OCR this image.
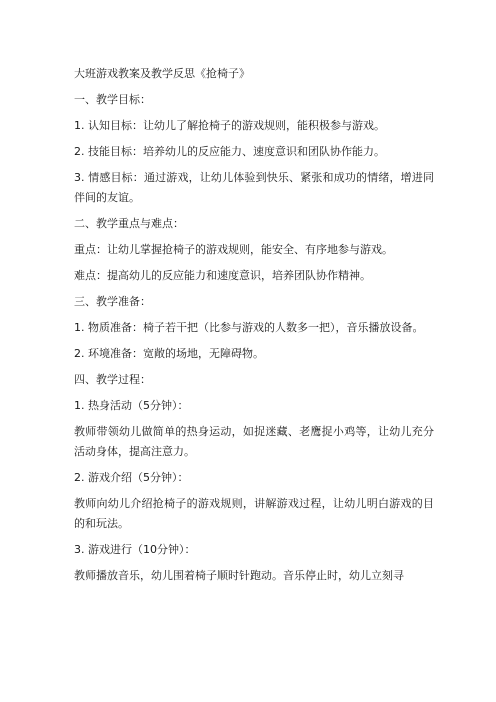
大班游戏教案及教学反思《抢椅子》

一、教学目标：

1. 认知目标：让幼儿了解抢椅子的游戏规则，能积极参与游戏。

2. 技能目标：培养幼儿的反应能力、速度意识和团队协作能力。

3. 情感目标：通过游戏，让幼儿体验到快乐、紧张和成功的情绪，增进同伴间的友谊。

二、教学重点与难点：

重点：让幼儿掌握抢椅子的游戏规则，能安全、有序地参与游戏。

难点：提高幼儿的反应能力和速度意识，培养团队协作精神。

三、教学准备：

1. 物质准备：椅子若干把（比参与游戏的人数多一把），音乐播放设备。

2. 环境准备：宽敞的场地，无障碍物。

四、教学过程：

1. 热身活动（5分钟）：

教师带领幼儿做简单的热身运动，如捉迷藏、老鹰捉小鸡等，让幼儿充分活动身体，提高注意力。

2. 游戏介绍（5分钟）：

教师向幼儿介绍抢椅子的游戏规则，讲解游戏过程，让幼儿明白游戏的目的和玩法。

3. 游戏进行（10分钟）：

教师播放音乐，幼儿围着椅子顺时针跑动。音乐停止时，幼儿立刻寻
